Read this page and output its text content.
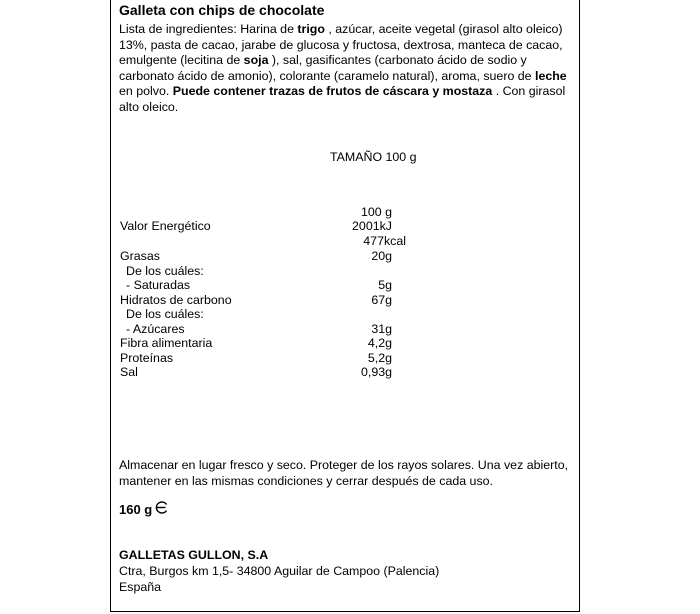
Galleta con chips de chocolate

Lista de ingredientes: Harina de trigo , azúcar, aceite vegetal (girasol alto oleico) 13%, pasta de cacao, jarabe de glucosa y fructosa, dextrosa, manteca de cacao, emulgente (lecitina de soja ), sal, gasificantes (carbonato ácido de sodio y carbonato ácido de amonio), colorante (caramelo natural), aroma, suero de leche en polvo. Puede contener trazas de frutos de cáscara y mostaza . Con girasol alto oleico.

TAMAÑO 100 g
100 g
Valor Energético	2001kJ
477kcal
Grasas	20g
De los cuáles:
- Saturadas	5g
Hidratos de carbono	67g
De los cuáles:
- Azúcares	31g
Fibra alimentaria	4,2g
Proteínas	5,2g
Sal	0,93g

Almacenar en lugar fresco y seco. Proteger de los rayos solares. Una vez abierto, mantener en las mismas condiciones y cerrar después de cada uso.

160 g
GALLETAS GULLON, S.A
Ctra, Burgos km 1,5- 34800 Aguilar de Campoo (Palencia)
España
